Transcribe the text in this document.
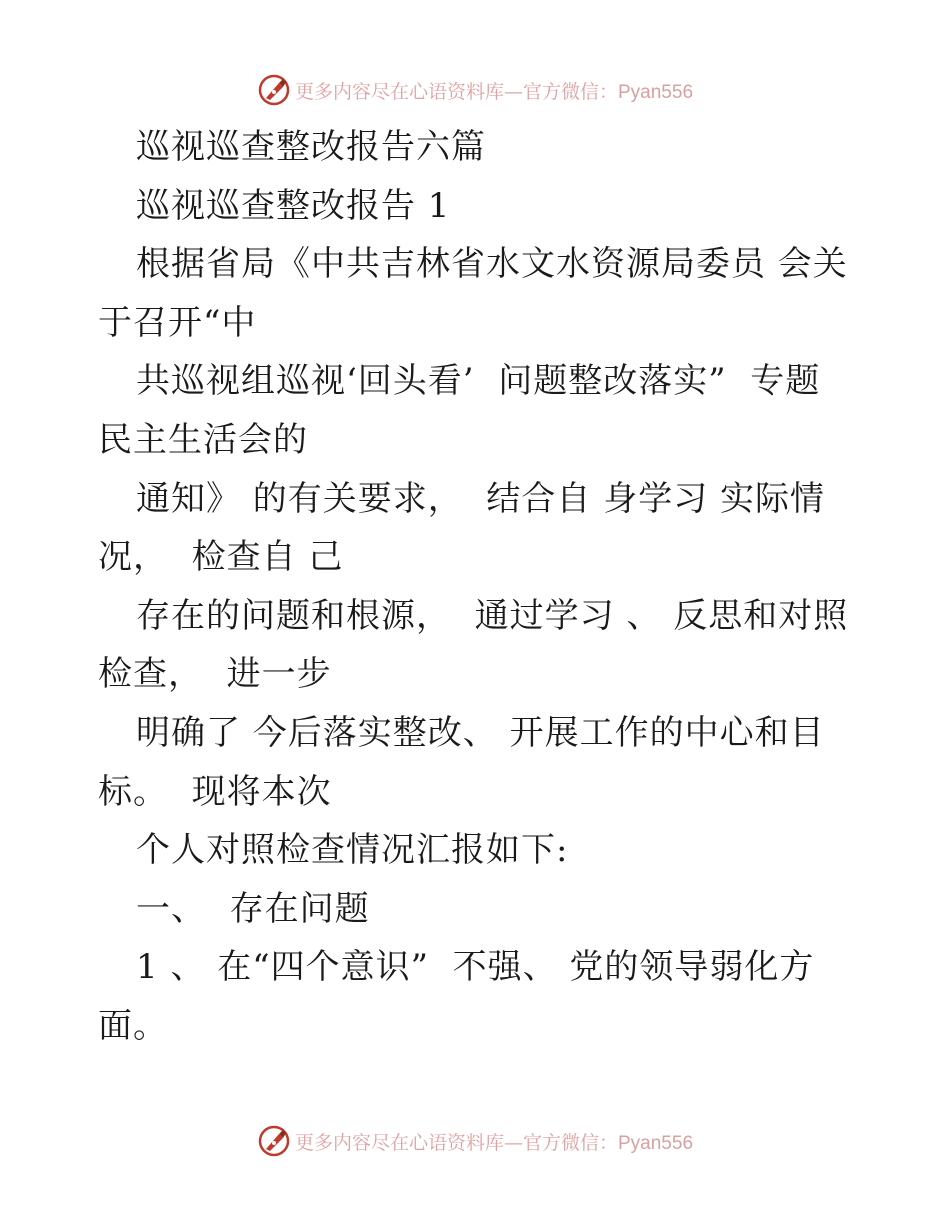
更多内容尽在心语资料库—官方微信：Pyan556
巡视巡查整改报告六篇
巡视巡查整改报告 1
根据省局《中共吉林省水文水资源局委员 会关
于召开“中
共巡视组巡视‘回头看’  问题整改落实”  专题
民主生活会的
通知》 的有关要求，  结合自 身学习 实际情
况，  检查自 己
存在的问题和根源，  通过学习 、 反思和对照
检查，  进一步
明确了 今后落实整改、 开展工作的中心和目
标。  现将本次
个人对照检查情况汇报如下:
一、  存在问题
1 、 在“四个意识”  不强、 党的领导弱化方
面。
更多内容尽在心语资料库—官方微信：Pyan556
